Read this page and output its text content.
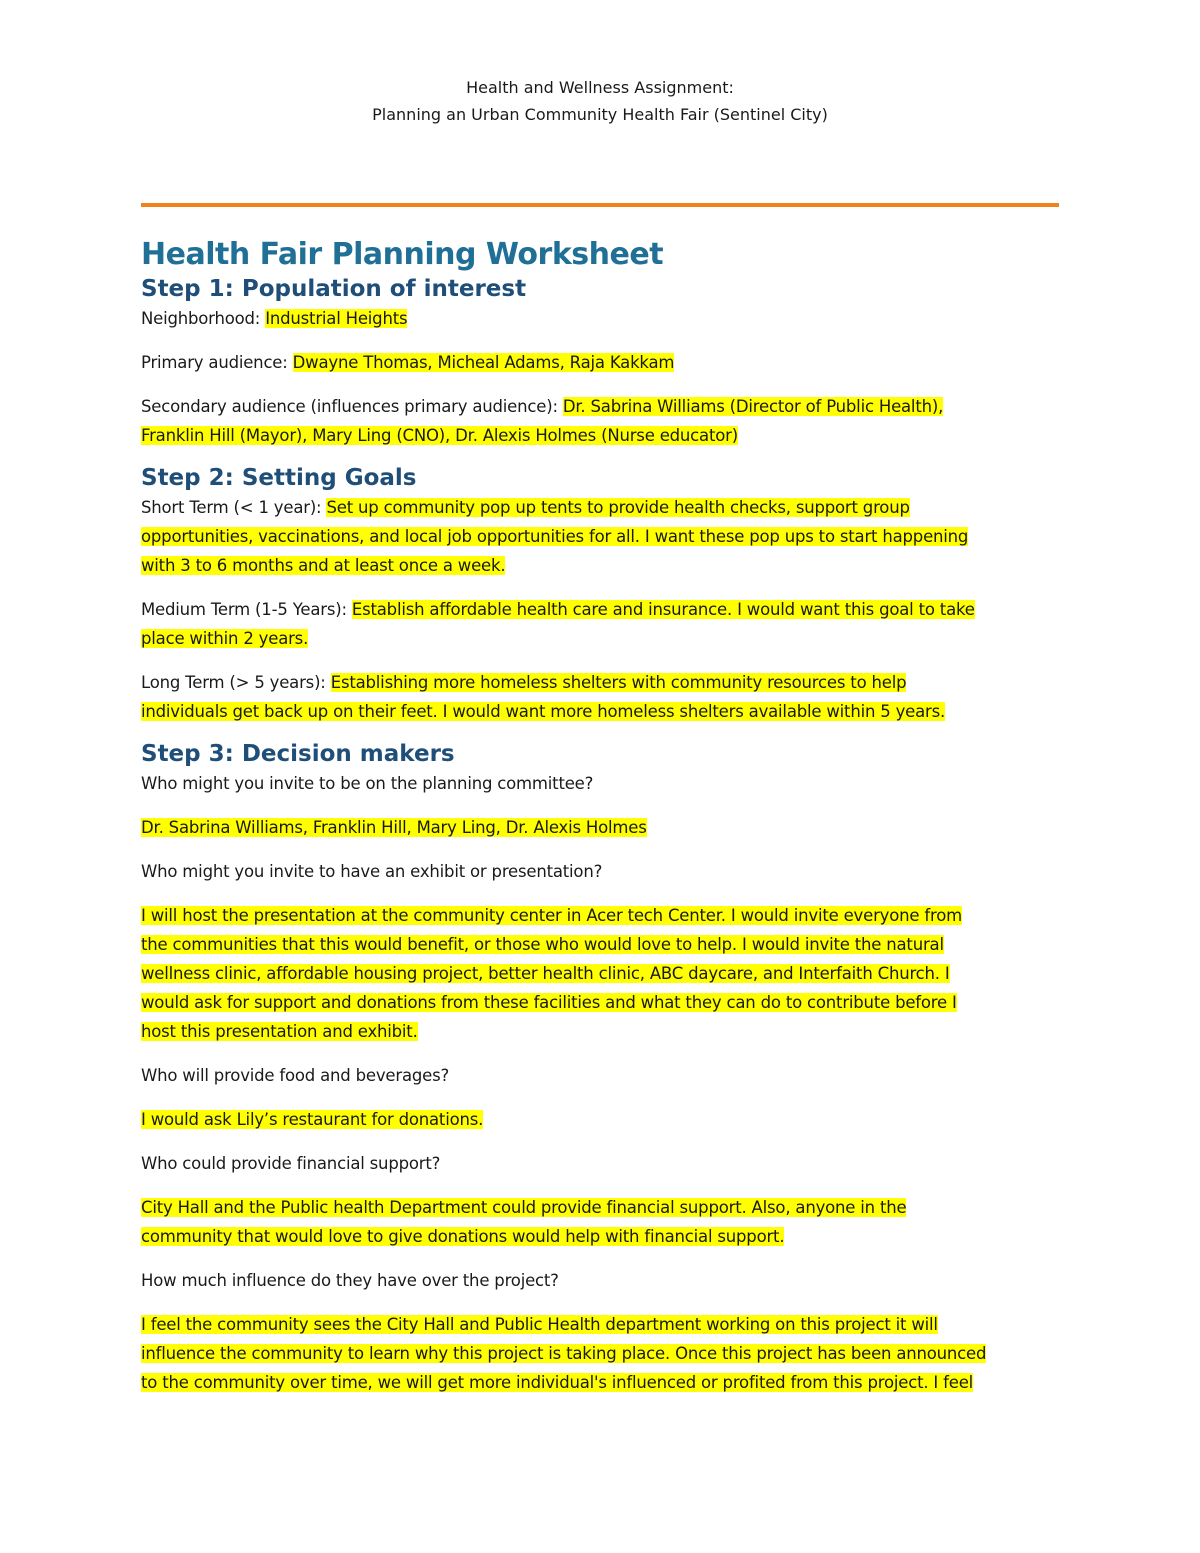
Health and Wellness Assignment:
Planning an Urban Community Health Fair (Sentinel City)
Health Fair Planning Worksheet
Step 1: Population of interest

Neighborhood: Industrial Heights

Primary audience: Dwayne Thomas, Micheal Adams, Raja Kakkam

Secondary audience (influences primary audience): Dr. Sabrina Williams (Director of Public Health),

Franklin Hill (Mayor), Mary Ling (CNO), Dr. Alexis Holmes (Nurse educator)

Step 2: Setting Goals

Short Term (< 1 year): Set up community pop up tents to provide health checks, support group

opportunities, vaccinations, and local job opportunities for all. I want these pop ups to start happening

with 3 to 6 months and at least once a week.

Medium Term (1-5 Years): Establish affordable health care and insurance. I would want this goal to take

place within 2 years.

Long Term (> 5 years): Establishing more homeless shelters with community resources to help

individuals get back up on their feet. I would want more homeless shelters available within 5 years.

Step 3: Decision makers

Who might you invite to be on the planning committee?

Dr. Sabrina Williams, Franklin Hill, Mary Ling, Dr. Alexis Holmes

Who might you invite to have an exhibit or presentation?

I will host the presentation at the community center in Acer tech Center. I would invite everyone from

the communities that this would benefit, or those who would love to help. I would invite the natural

wellness clinic, affordable housing project, better health clinic, ABC daycare, and Interfaith Church. I

would ask for support and donations from these facilities and what they can do to contribute before I

host this presentation and exhibit.

Who will provide food and beverages?

I would ask Lily’s restaurant for donations.

Who could provide financial support?

City Hall and the Public health Department could provide financial support. Also, anyone in the

community that would love to give donations would help with financial support.

How much influence do they have over the project?

I feel the community sees the City Hall and Public Health department working on this project it will

influence the community to learn why this project is taking place. Once this project has been announced

to the community over time, we will get more individual's influenced or profited from this project. I feel
